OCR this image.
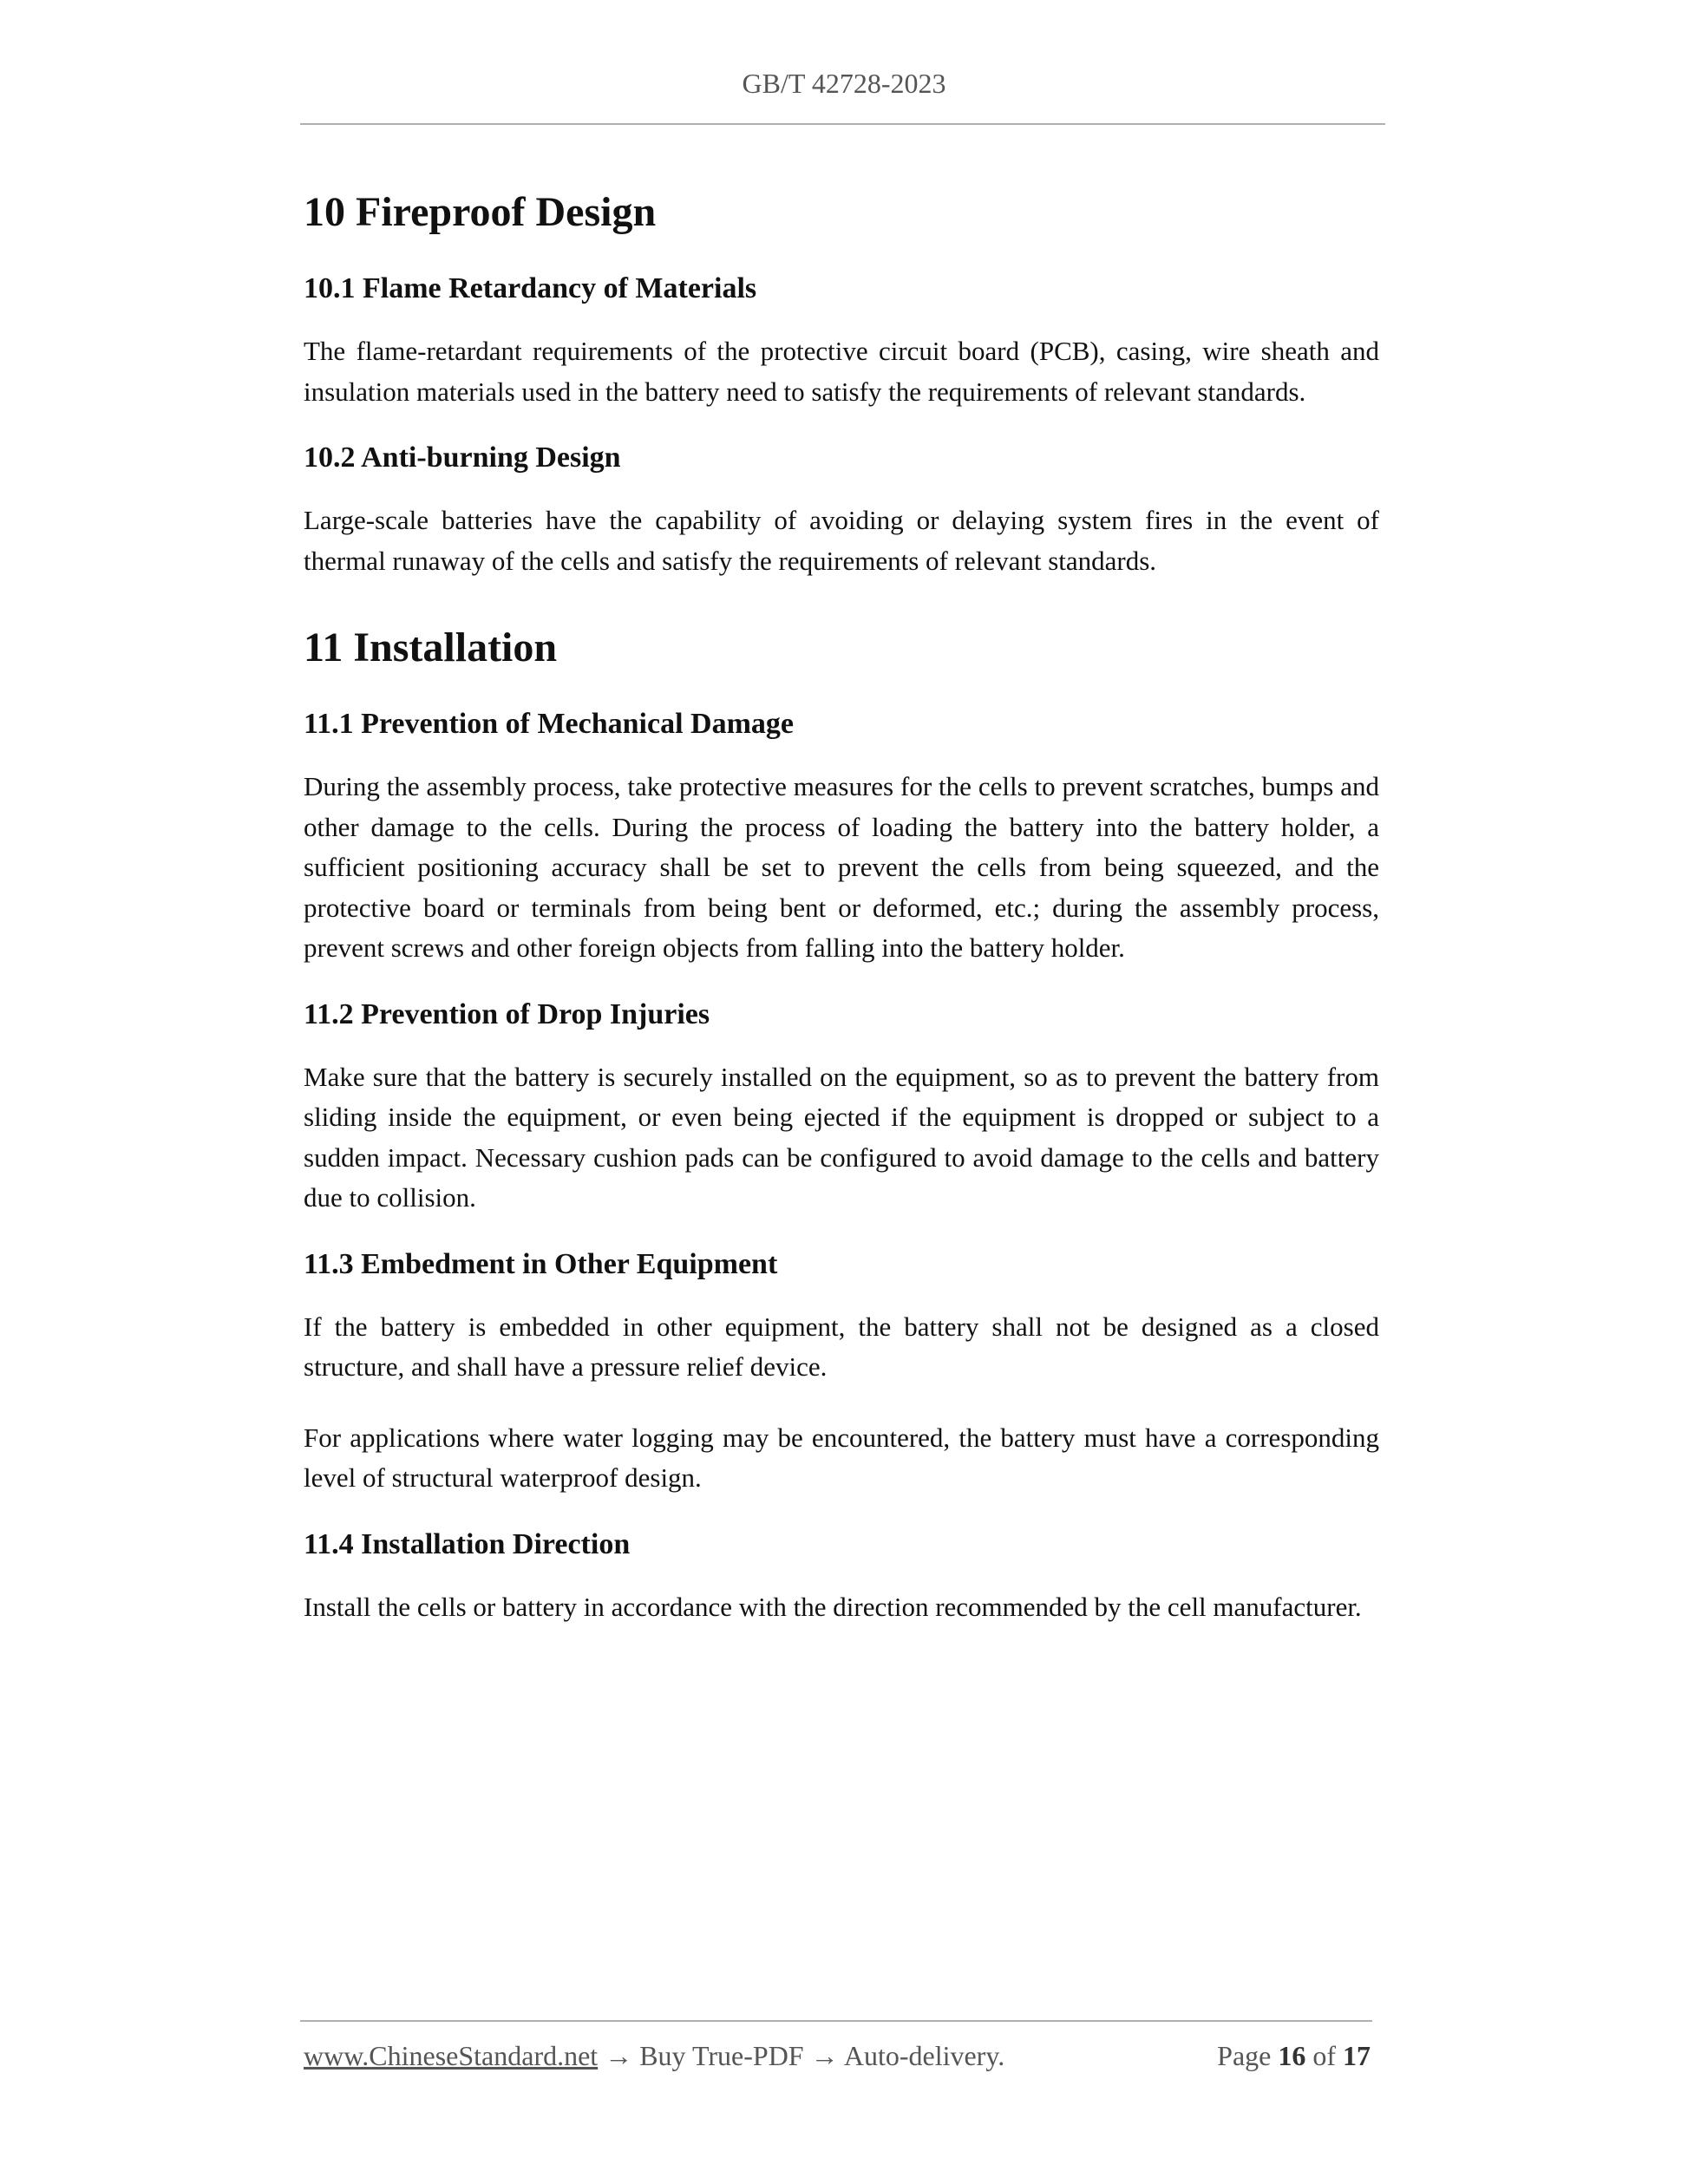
GB/T 42728-2023
10 Fireproof Design
10.1 Flame Retardancy of Materials

The flame-retardant requirements of the protective circuit board (PCB), casing, wire sheath and insulation materials used in the battery need to satisfy the requirements of relevant standards.

10.2 Anti-burning Design

Large-scale batteries have the capability of avoiding or delaying system fires in the event of thermal runaway of the cells and satisfy the requirements of relevant standards.

11 Installation
11.1 Prevention of Mechanical Damage

During the assembly process, take protective measures for the cells to prevent scratches, bumps and other damage to the cells. During the process of loading the battery into the battery holder, a sufficient positioning accuracy shall be set to prevent the cells from being squeezed, and the protective board or terminals from being bent or deformed, etc.; during the assembly process, prevent screws and other foreign objects from falling into the battery holder.

11.2 Prevention of Drop Injuries

Make sure that the battery is securely installed on the equipment, so as to prevent the battery from sliding inside the equipment, or even being ejected if the equipment is dropped or subject to a sudden impact. Necessary cushion pads can be configured to avoid damage to the cells and battery due to collision.

11.3 Embedment in Other Equipment

If the battery is embedded in other equipment, the battery shall not be designed as a closed structure, and shall have a pressure relief device.

For applications where water logging may be encountered, the battery must have a corresponding level of structural waterproof design.

11.4 Installation Direction

Install the cells or battery in accordance with the direction recommended by the cell manufacturer.

www.ChineseStandard.net → Buy True-PDF → Auto-delivery.	Page 16 of 17
